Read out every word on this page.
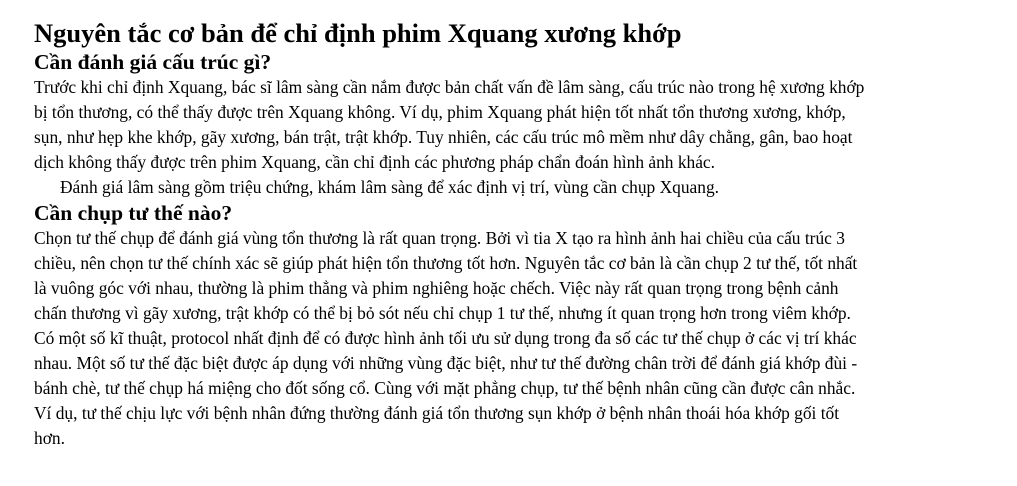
Nguyên tắc cơ bản để chỉ định phim Xquang xương khớp
Cần đánh giá cấu trúc gì?

Trước khi chỉ định Xquang, bác sĩ lâm sàng cần nắm được bản chất vấn đề lâm sàng, cấu trúc nào trong hệ xương khớp
bị tổn thương, có thể thấy được trên Xquang không. Ví dụ, phim Xquang phát hiện tốt nhất tổn thương xương, khớp,
sụn, như hẹp khe khớp, gãy xương, bán trật, trật khớp. Tuy nhiên, các cấu trúc mô mềm như dây chằng, gân, bao hoạt
dịch không thấy được trên phim Xquang, cần chỉ định các phương pháp chẩn đoán hình ảnh khác.

Đánh giá lâm sàng gồm triệu chứng, khám lâm sàng để xác định vị trí, vùng cần chụp Xquang.

Cần chụp tư thế nào?

Chọn tư thế chụp để đánh giá vùng tổn thương là rất quan trọng. Bởi vì tia X tạo ra hình ảnh hai chiều của cấu trúc 3
chiều, nên chọn tư thế chính xác sẽ giúp phát hiện tổn thương tốt hơn. Nguyên tắc cơ bản là cần chụp 2 tư thế, tốt nhất
là vuông góc với nhau, thường là phim thẳng và phim nghiêng hoặc chếch. Việc này rất quan trọng trong bệnh cảnh
chấn thương vì gãy xương, trật khớp có thể bị bỏ sót nếu chỉ chụp 1 tư thế, nhưng ít quan trọng hơn trong viêm khớp.
Có một số kĩ thuật, protocol nhất định để có được hình ảnh tối ưu sử dụng trong đa số các tư thế chụp ở các vị trí khác
nhau. Một số tư thế đặc biệt được áp dụng với những vùng đặc biệt, như tư thế đường chân trời để đánh giá khớp đùi -
bánh chè, tư thế chụp há miệng cho đốt sống cổ. Cùng với mặt phẳng chụp, tư thế bệnh nhân cũng cần được cân nhắc.
Ví dụ, tư thế chịu lực với bệnh nhân đứng thường đánh giá tổn thương sụn khớp ở bệnh nhân thoái hóa khớp gối tốt
hơn.
